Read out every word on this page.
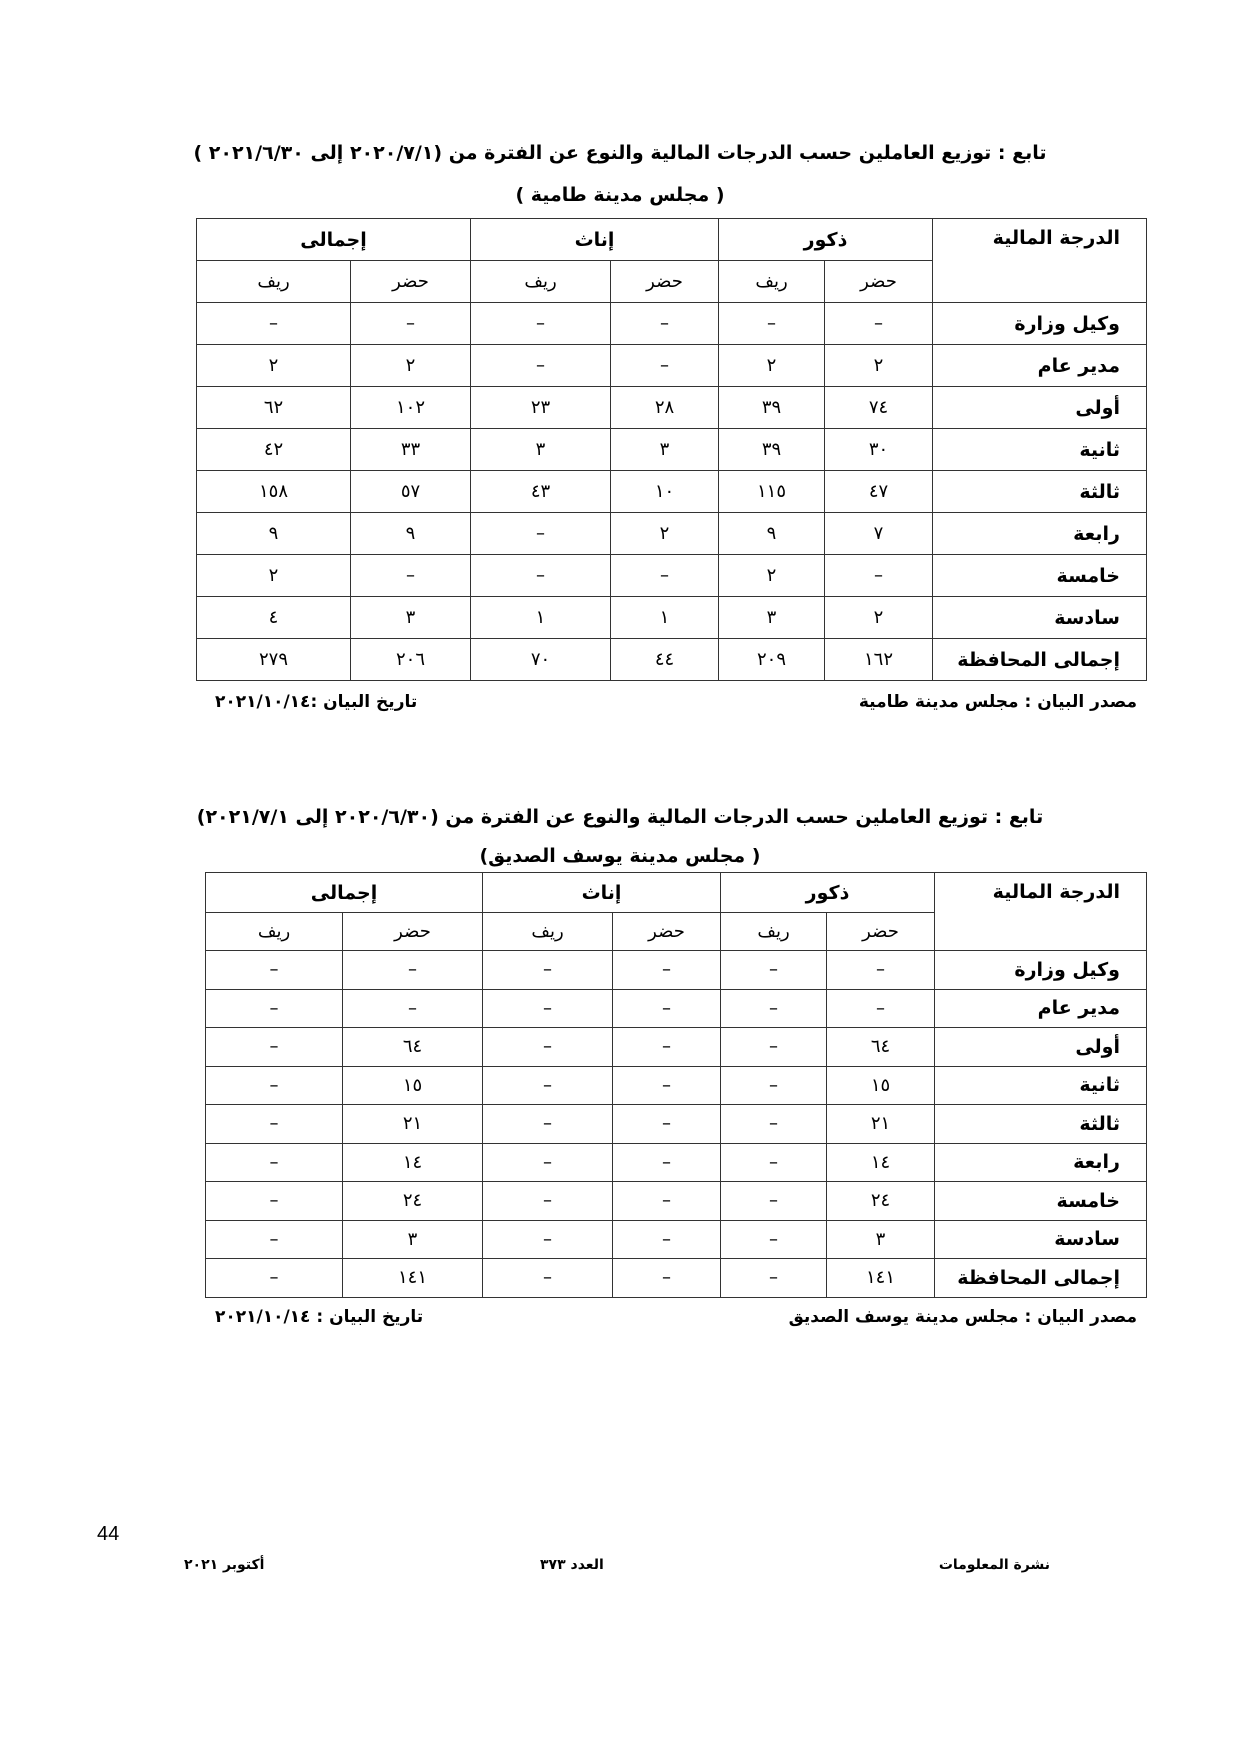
تابع : توزيع العاملين حسب الدرجات المالية والنوع عن الفترة من (٢٠٢٠/٧/١ إلى ٢٠٢١/٦/٣٠ )
( مجلس مدينة طامية )
الدرجة المالية	ذكور		إناث		إجمالى	
	حضر	ريف	حضر	ريف	حضر	ريف
وكيل وزارة	–	–	–	–	–	–
مدير عام	٢	٢	–	–	٢	٢
أولى	٧٤	٣٩	٢٨	٢٣	١٠٢	٦٢
ثانية	٣٠	٣٩	٣	٣	٣٣	٤٢
ثالثة	٤٧	١١٥	١٠	٤٣	٥٧	١٥٨
رابعة	٧	٩	٢	–	٩	٩
خامسة	–	٢	–	–	–	٢
سادسة	٢	٣	١	١	٣	٤
إجمالى المحافظة	١٦٢	٢٠٩	٤٤	٧٠	٢٠٦	٢٧٩
مصدر البيان : مجلس مدينة طامية
تاريخ البيان :٢٠٢١/١٠/١٤
تابع : توزيع العاملين حسب الدرجات المالية والنوع عن الفترة من (٢٠٢٠/٦/٣٠ إلى ٢٠٢١/٧/١)
( مجلس مدينة يوسف الصديق)
الدرجة المالية	ذكور		إناث		إجمالى	
	حضر	ريف	حضر	ريف	حضر	ريف
وكيل وزارة	–	–	–	–	–	–
مدير عام	–	–	–	–	–	–
أولى	٦٤	–	–	–	٦٤	–
ثانية	١٥	–	–	–	١٥	–
ثالثة	٢١	–	–	–	٢١	–
رابعة	١٤	–	–	–	١٤	–
خامسة	٢٤	–	–	–	٢٤	–
سادسة	٣	–	–	–	٣	–
إجمالى المحافظة	١٤١	–	–	–	١٤١	–
مصدر البيان : مجلس مدينة يوسف الصديق
تاريخ البيان : ٢٠٢١/١٠/١٤
44
نشرة المعلومات
العدد ٣٧٣
أكتوبر ٢٠٢١
